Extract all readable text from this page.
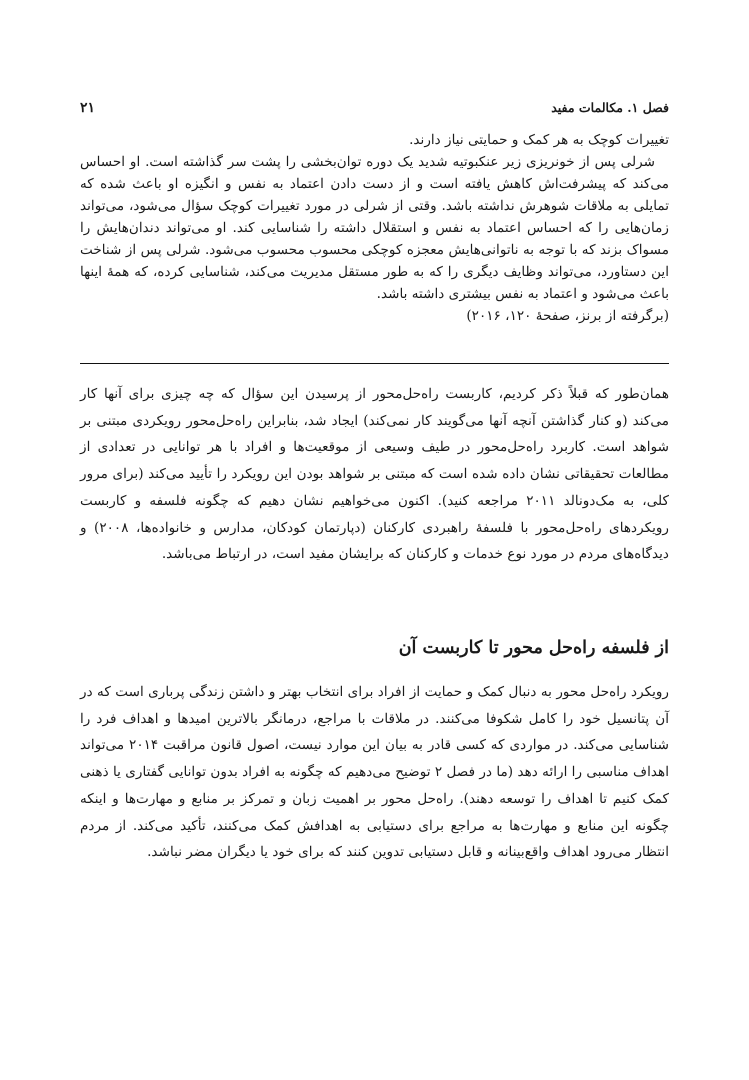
فصل ۱. مکالمات مفید
۲۱

تغییرات کوچک به هر کمک و حمایتی نیاز دارند.

شرلی پس از خونریزی زیر عنکبوتیه شدید یک دوره توان‌بخشی را پشت سر گذاشته است. او احساس می‌کند که پیشرفت‌اش کاهش یافته است و از دست دادن اعتماد به نفس و انگیزه او باعث شده که تمایلی به ملاقات شوهرش نداشته باشد. وقتی از شرلی در مورد تغییرات کوچک سؤال می‌شود، می‌تواند زمان‌هایی را که احساس اعتماد به نفس و استقلال داشته را شناسایی کند. او می‌تواند دندان‌هایش را مسواک بزند که با توجه به ناتوانی‌هایش معجزه کوچکی محسوب محسوب می‌شود. شرلی پس از شناخت این دستاورد، می‌تواند وظایف دیگری را که به طور مستقل مدیریت می‌کند، شناسایی کرده، که همهٔ اینها باعث می‌شود و اعتماد به نفس بیشتری داشته باشد.

(برگرفته از برنز، صفحهٔ ۱۲۰، ۲۰۱۶)

همان‌طور که قبلاً ذکر کردیم، کاربست راه‌حل‌محور از پرسیدن این سؤال که چه چیزی برای آنها کار می‌کند (و کنار گذاشتن آنچه آنها می‌گویند کار نمی‌کند) ایجاد شد، بنابراین راه‌حل‌محور رویکردی مبتنی بر شواهد است. کاربرد راه‌حل‌محور در طیف وسیعی از موقعیت‌ها و افراد با هر توانایی در تعدادی از مطالعات تحقیقاتی نشان داده شده است که مبتنی بر شواهد بودن این رویکرد را تأیید می‌کند (برای مرور کلی، به مک‌دونالد ۲۰۱۱ مراجعه کنید). اکنون می‌خواهیم نشان دهیم که چگونه فلسفه و کاربست رویکردهای راه‌حل‌محور با فلسفهٔ راهبردی کارکنان (دپارتمان کودکان، مدارس و خانواده‌ها، ۲۰۰۸) و دیدگاه‌های مردم در مورد نوع خدمات و کارکنان که برایشان مفید است، در ارتباط می‌باشد.

از فلسفه راه‌حل محور تا کاربست آن

رویکرد راه‌حل محور به دنبال کمک و حمایت از افراد برای انتخاب بهتر و داشتن زندگی پرباری است که در آن پتانسیل خود را کامل شکوفا می‌کنند. در ملاقات با مراجع، درمانگر بالاترین امیدها و اهداف فرد را شناسایی می‌کند. در مواردی که کسی قادر به بیان این موارد نیست، اصول قانون مراقبت ۲۰۱۴ می‌تواند اهداف مناسبی را ارائه دهد (ما در فصل ۲ توضیح می‌دهیم که چگونه به افراد بدون توانایی گفتاری یا ذهنی کمک کنیم تا اهداف را توسعه دهند). راه‌حل محور بر اهمیت زبان و تمرکز بر منابع و مهارت‌ها و اینکه چگونه این منابع و مهارت‌ها به مراجع برای دستیابی به اهدافش کمک می‌کنند، تأکید می‌کند. از مردم انتظار می‌رود اهداف واقع‌بینانه و قابل دستیابی تدوین کنند که برای خود یا دیگران مضر نباشد.
